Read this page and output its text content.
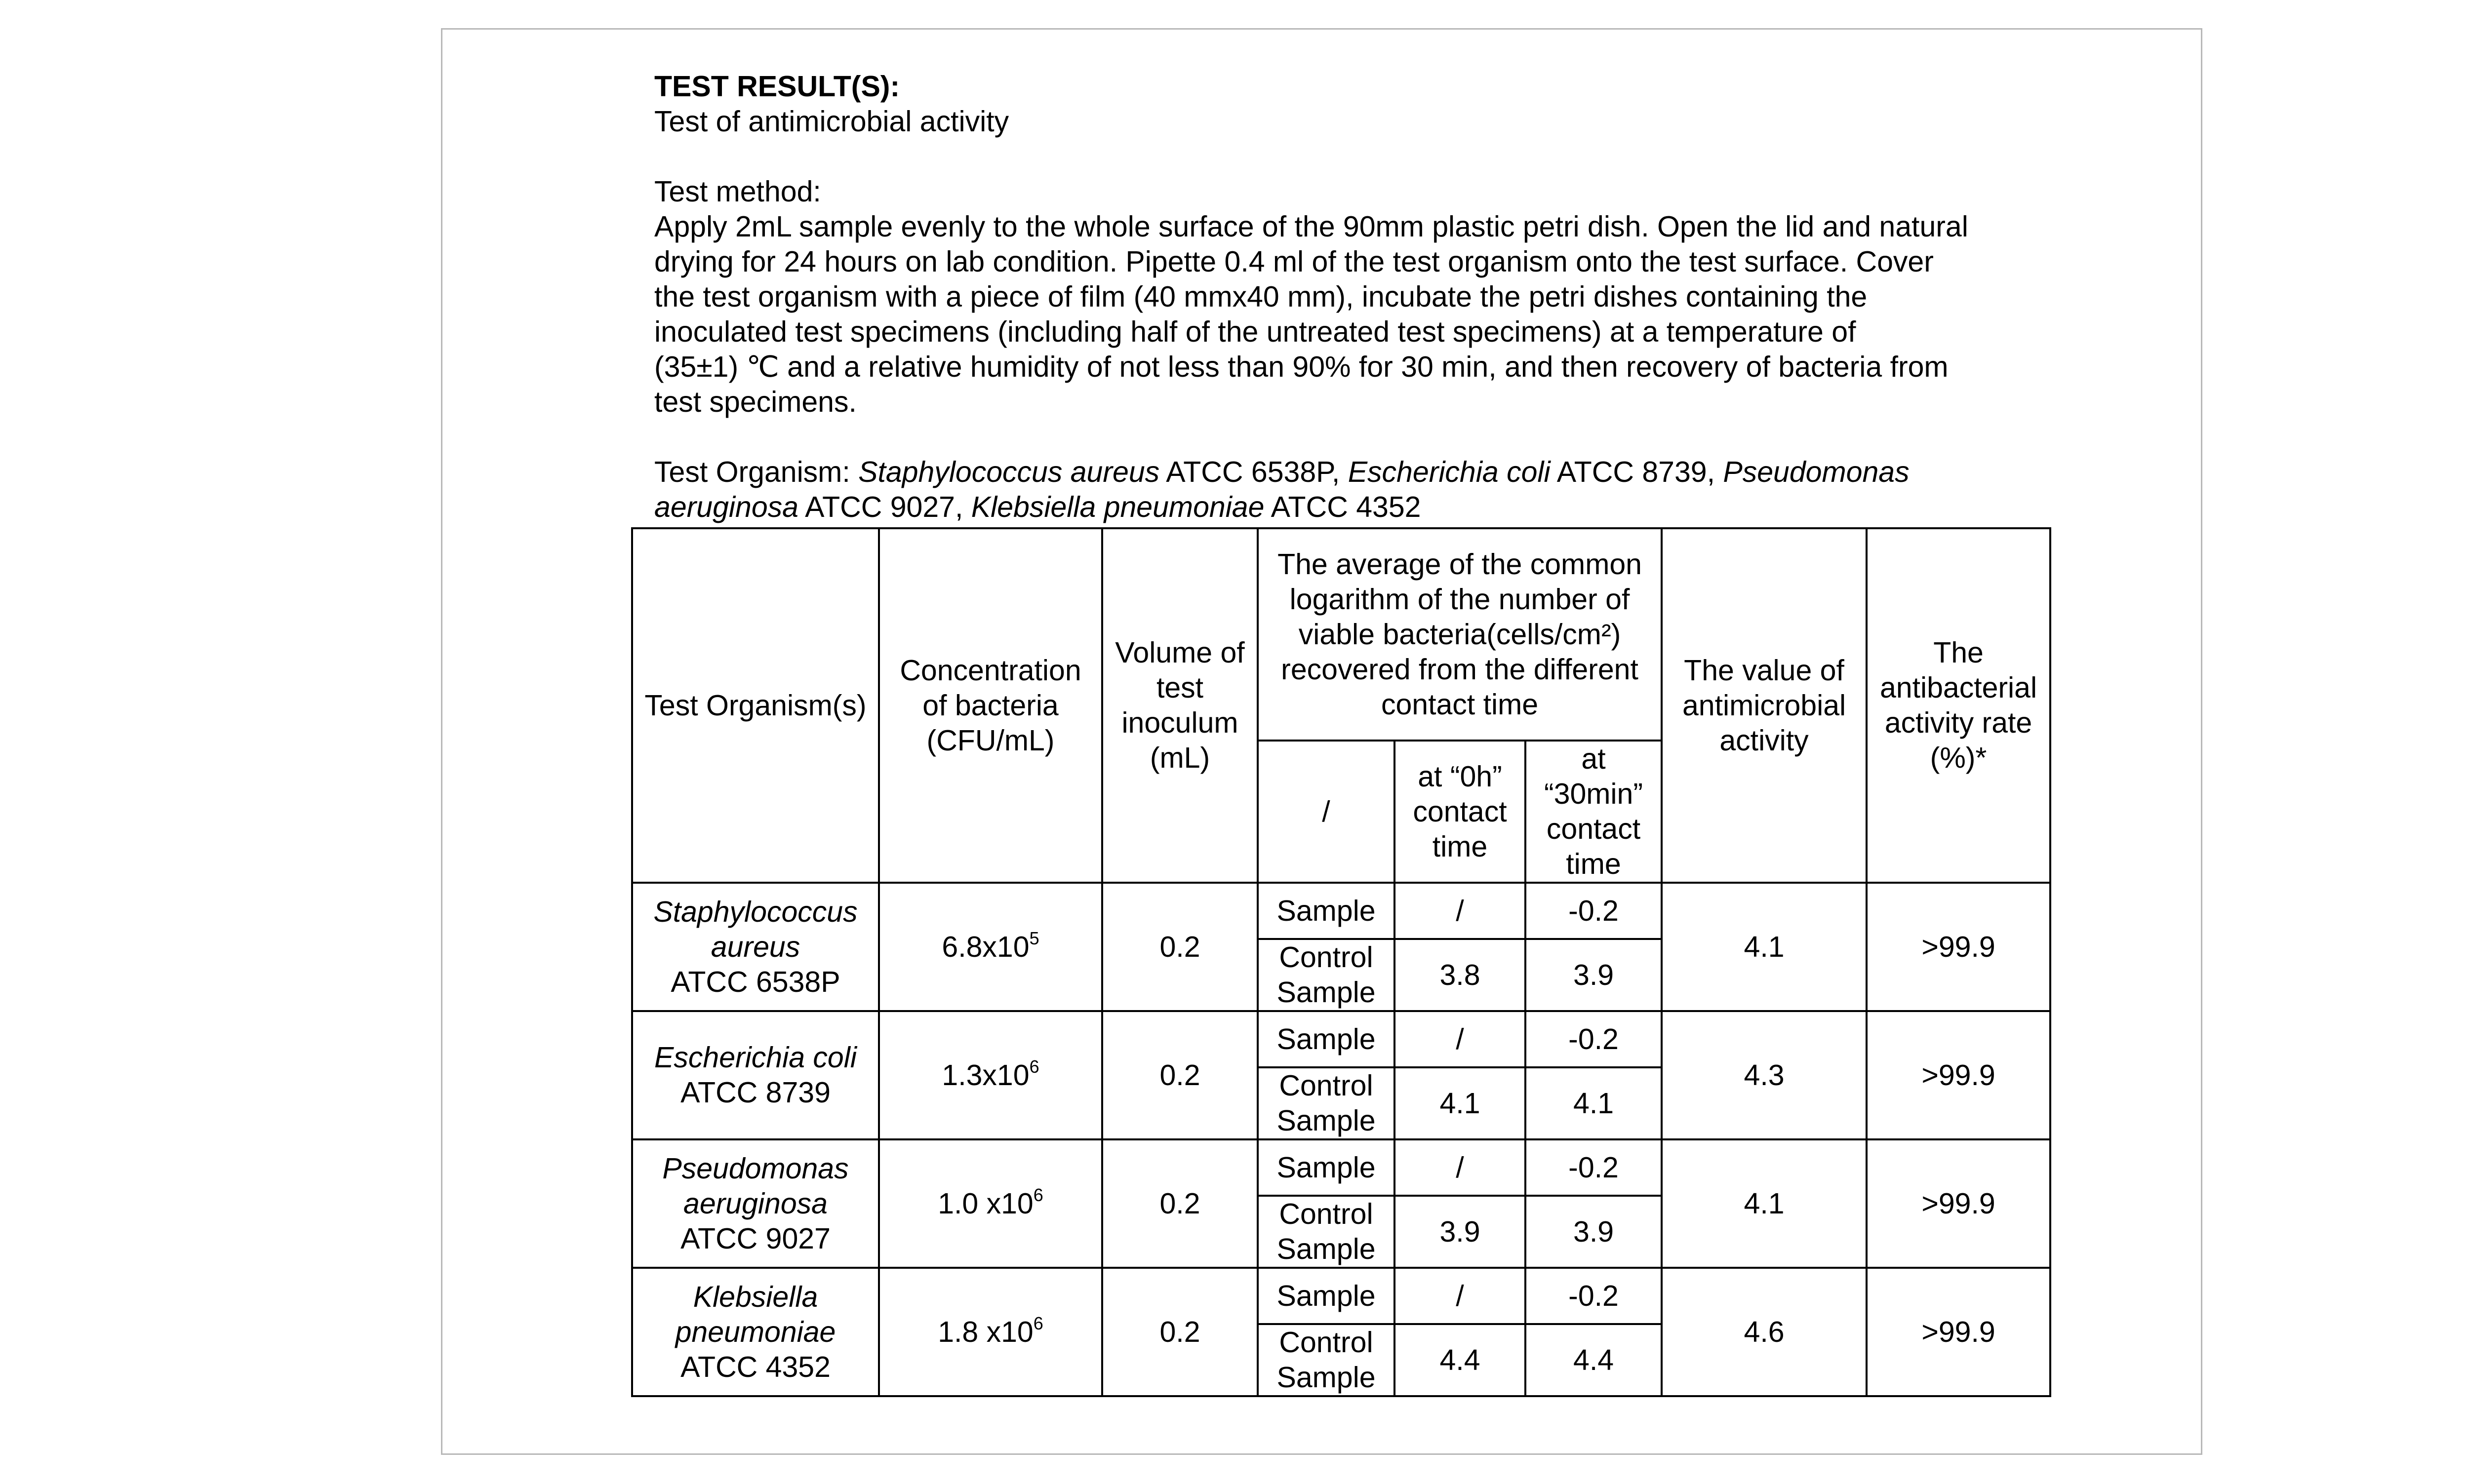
TEST RESULT(S):

Test of antimicrobial activity

Test method:

Apply 2mL sample evenly to the whole surface of the 90mm plastic petri dish. Open the lid and natural

drying for 24 hours on lab condition. Pipette 0.4 ml of the test organism onto the test surface. Cover

the test organism with a piece of film (40 mmx40 mm), incubate the petri dishes containing the

inoculated test specimens (including half of the untreated test specimens) at a temperature of

(35±1) ℃ and a relative humidity of not less than 90% for 30 min, and then recovery of bacteria from

test specimens.

Test Organism: Staphylococcus aureus ATCC 6538P, Escherichia coli ATCC 8739, Pseudomonas

aeruginosa ATCC 9027, Klebsiella pneumoniae ATCC 4352

Test Organism(s)	Concentration of bacteria (CFU/mL)	Volume of test inoculum (mL)	The average of the common logarithm of the number of viable bacteria(cells/cm²) recovered from the different contact time			The value of antimicrobial activity	The antibacterial activity rate (%)*
			/	at “0h” contact time	at “30min” contact time		
Staphylococcus aureus
ATCC 6538P	$6.8x10^5$	0.2	Sample	/	-0.2	4.1	>99.9
			Control Sample	3.8	3.9		
Escherichia coli
ATCC 8739	$1.3x10^6$	0.2	Sample	/	-0.2	4.3	>99.9
			Control Sample	4.1	4.1		
Pseudomonas aeruginosa
ATCC 9027	1.0 $x10^6$	0.2	Sample	/	-0.2	4.1	>99.9
			Control Sample	3.9	3.9		
Klebsiella pneumoniae
ATCC 4352	1.8 $x10^6$	0.2	Sample	/	-0.2	4.6	>99.9
			Control Sample	4.4	4.4		
